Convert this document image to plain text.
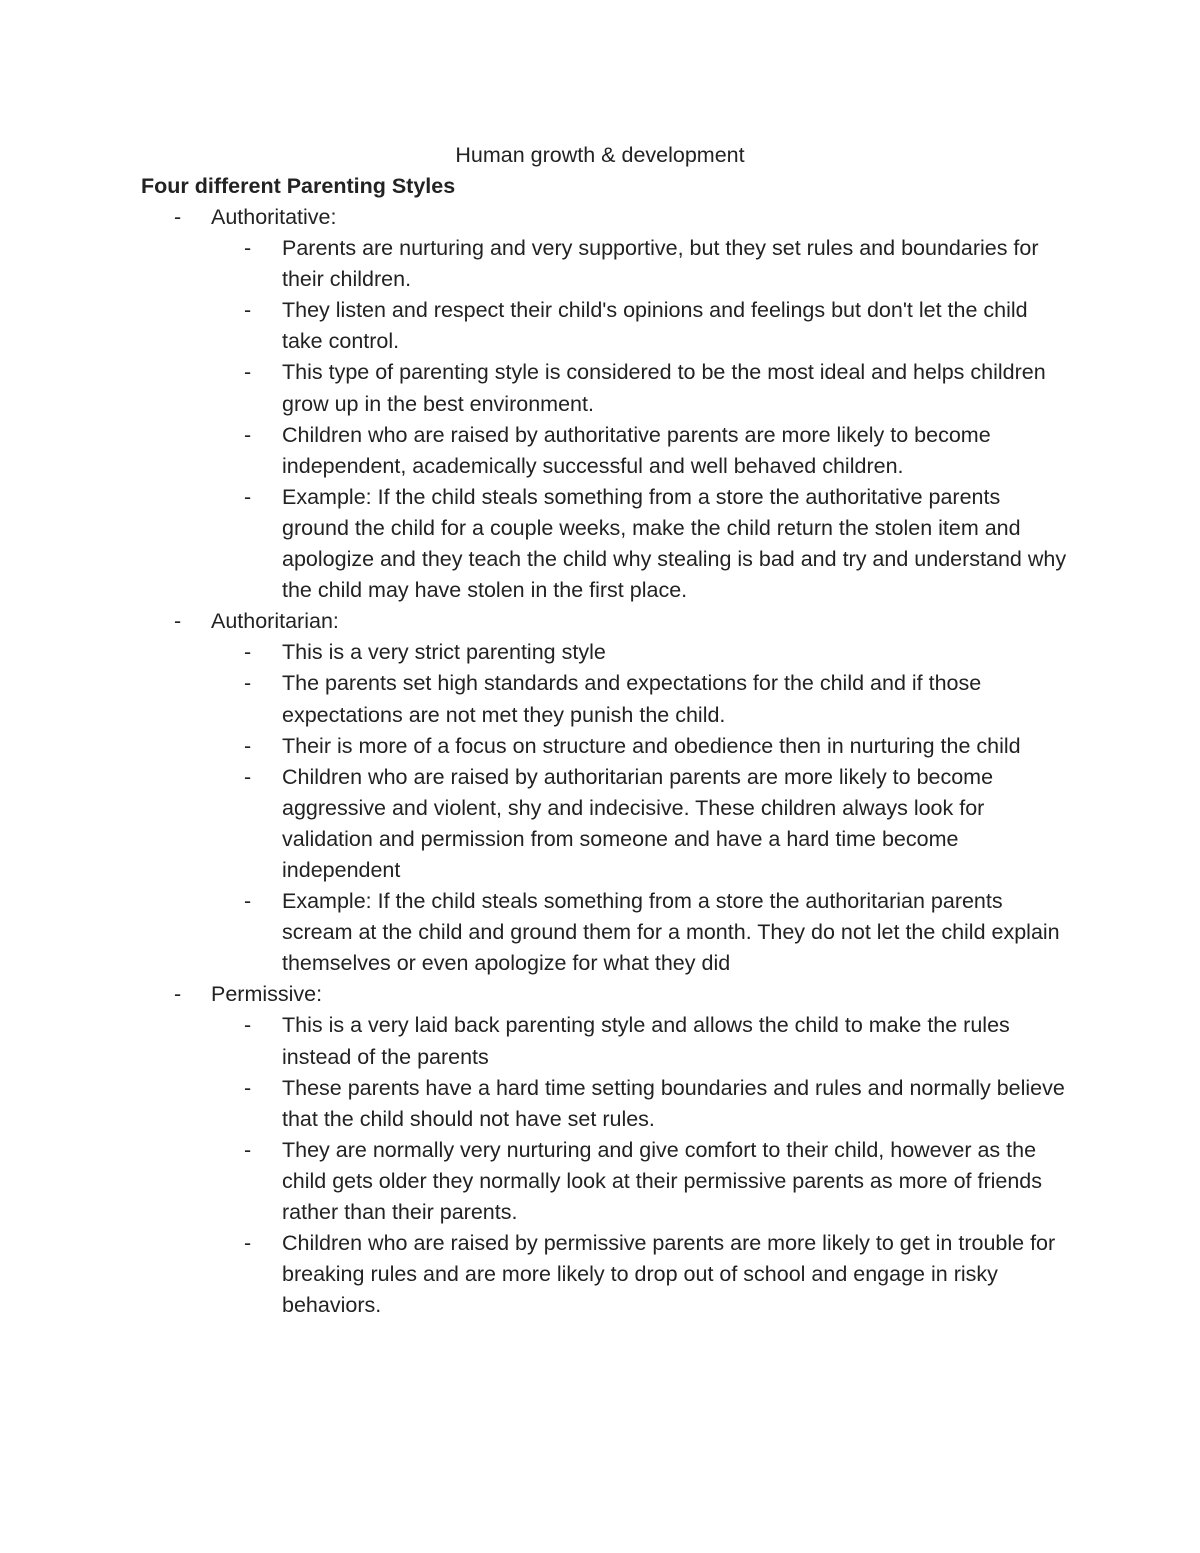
Human growth & development
Four different Parenting Styles
- Authoritative:
- Parents are nurturing and very supportive, but they set rules and boundaries for their children.
- They listen and respect their child's opinions and feelings but don't let the child take control.
- This type of parenting style is considered to be the most ideal and helps children grow up in the best environment.
- Children who are raised by authoritative parents are more likely to become independent, academically successful and well behaved children.
- Example: If the child steals something from a store the authoritative parents ground the child for a couple weeks, make the child return the stolen item and apologize and they teach the child why stealing is bad and try and understand why the child may have stolen in the first place.
- Authoritarian:
- This is a very strict parenting style
- The parents set high standards and expectations for the child and if those expectations are not met they punish the child.
- Their is more of a focus on structure and obedience then in nurturing the child
- Children who are raised by authoritarian parents are more likely to become aggressive and violent, shy and indecisive. These children always look for validation and permission from someone and have a hard time become independent
- Example: If the child steals something from a store the authoritarian parents scream at the child and ground them for a month. They do not let the child explain themselves or even apologize for what they did
- Permissive:
- This is a very laid back parenting style and allows the child to make the rules instead of the parents
- These parents have a hard time setting boundaries and rules and normally believe that the child should not have set rules.
- They are normally very nurturing and give comfort to their child, however as the child gets older they normally look at their permissive parents as more of friends rather than their parents.
- Children who are raised by permissive parents are more likely to get in trouble for breaking rules and are more likely to drop out of school and engage in risky behaviors.
